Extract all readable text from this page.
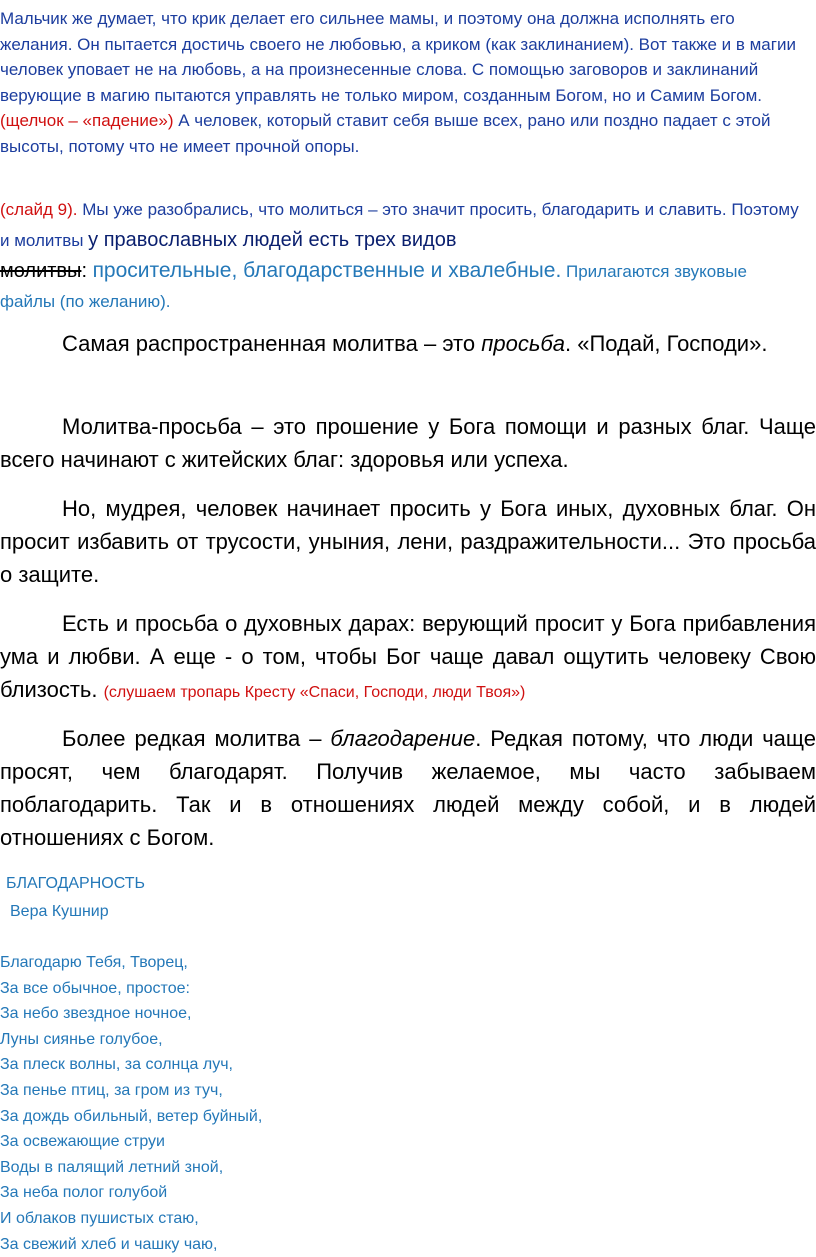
Мальчик же думает, что крик делает его сильнее мамы, и поэтому она должна исполнять его желания. Он пытается достичь своего не любовью, а криком (как заклинанием). Вот также и в магии человек уповает не на любовь, а на произнесенные слова. С помощью заговоров и заклинаний верующие в магию пытаются управлять не только миром, созданным Богом, но и Самим Богом. (щелчок – «падение») А человек, который ставит себя выше всех, рано или поздно падает с этой высоты, потому что не имеет прочной опоры.
(слайд 9). Мы уже разобрались, что молиться – это значит просить, благодарить и славить. Поэтому и молитвы у православных людей есть трех видов
молитвы: просительные, благодарственные и хвалебные. Прилагаются звуковые файлы (по желанию).

Самая распространенная молитва – это просьба. «Подай, Господи».

Молитва-просьба – это прошение у Бога помощи и разных благ. Чаще всего начинают с житейских благ: здоровья или успеха.

Но, мудрея, человек начинает просить у Бога иных, духовных благ. Он просит избавить от трусости, уныния, лени, раздражительности... Это просьба о защите.

Есть и просьба о духовных дарах: верующий просит у Бога прибавления ума и любви. А еще - о том, чтобы Бог чаще давал ощутить человеку Свою близость. (слушаем тропарь Кресту «Спаси, Господи, люди Твоя»)

Более редкая молитва – благодарение. Редкая потому, что люди чаще просят, чем благодарят. Получив желаемое, мы часто забываем поблагодарить. Так и в отношениях людей между собой, и в людей отношениях с Богом.

БЛАГОДАРНОСТЬ
Вера Кушнир
Благодарю Тебя, Творец,
За все обычное, простое:
За небо звездное ночное,
Луны сиянье голубое,
За плеск волны, за солнца луч,
За пенье птиц, за гром из туч,
За дождь обильный, ветер буйный,
За освежающие струи
Воды в палящий летний зной,
За неба полог голубой
И облаков пушистых стаю,
За свежий хлеб и чашку чаю,
